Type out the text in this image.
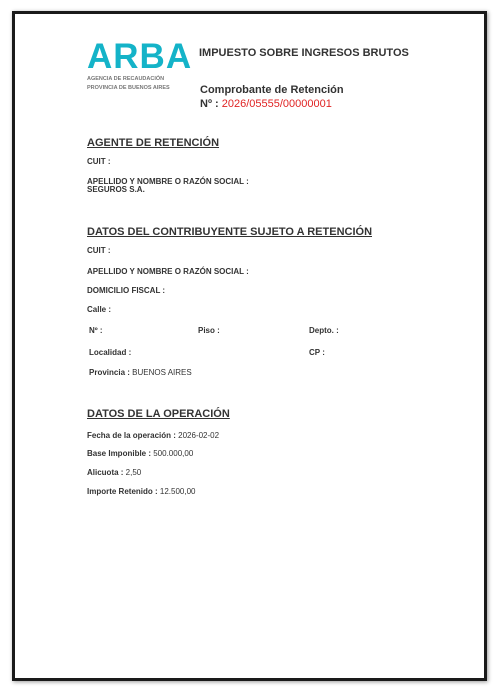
ARBA
AGENCIA DE RECAUDACIÓN
PROVINCIA DE BUENOS AIRES
IMPUESTO SOBRE INGRESOS BRUTOS
Comprobante de Retención
Nº : 2026/05555/00000001
AGENTE DE RETENCIÓN
CUIT :
APELLIDO Y NOMBRE O RAZÓN SOCIAL :
SEGUROS S.A.
DATOS DEL CONTRIBUYENTE SUJETO A RETENCIÓN
CUIT :
APELLIDO Y NOMBRE O RAZÓN SOCIAL :
DOMICILIO FISCAL :
Calle :
Nº :	Piso :	Depto. :
Localidad :	CP :
Provincia : BUENOS AIRES
DATOS DE LA OPERACIÓN
Fecha de la operación : 2026-02-02
Base Imponible : 500.000,00
Alicuota : 2,50
Importe Retenido : 12.500,00
